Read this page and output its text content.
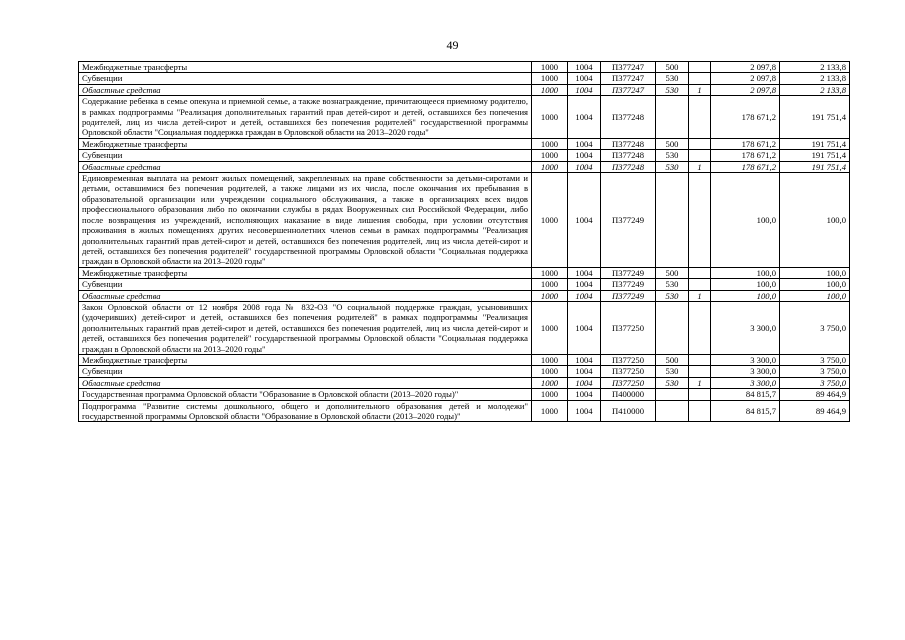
49
Межбюджетные трансферты	1000	1004	П377247	500		2 097,8	2 133,8
Субвенции	1000	1004	П377247	530		2 097,8	2 133,8
Областные средства	1000	1004	П377247	530	1	2 097,8	2 133,8
Содержание ребенка в семье опекуна и приемной семье, а также вознаграждение, причитающееся приемному родителю, в рамках подпрограммы "Реализация дополнительных гарантий прав детей-сирот и детей, оставшихся без попечения родителей, лиц из числа детей-сирот и детей, оставшихся без попечения родителей" государственной программы Орловской области "Социальная поддержка граждан в Орловской области на 2013–2020 годы"	1000	1004	П377248			178 671,2	191 751,4
Межбюджетные трансферты	1000	1004	П377248	500		178 671,2	191 751,4
Субвенции	1000	1004	П377248	530		178 671,2	191 751,4
Областные средства	1000	1004	П377248	530	1	178 671,2	191 751,4
Единовременная выплата на ремонт жилых помещений, закрепленных на праве собственности за детьми-сиротами и детьми, оставшимися без попечения родителей, а также лицами из их числа, после окончания их пребывания в образовательной организации или учреждении социального обслуживания, а также в организациях всех видов профессионального образования либо по окончании службы в рядах Вооруженных сил Российской Федерации, либо после возвращения из учреждений, исполняющих наказание в виде лишения свободы, при условии отсутствия проживания в жилых помещениях других несовершеннолетних членов семьи в рамках подпрограммы "Реализация дополнительных гарантий прав детей-сирот и детей, оставшихся без попечения родителей, лиц из числа детей-сирот и детей, оставшихся без попечения родителей" государственной программы Орловской области "Социальная поддержка граждан в Орловской области на 2013–2020 годы"	1000	1004	П377249			100,0	100,0
Межбюджетные трансферты	1000	1004	П377249	500		100,0	100,0
Субвенции	1000	1004	П377249	530		100,0	100,0
Областные средства	1000	1004	П377249	530	1	100,0	100,0
Закон Орловской области от 12 ноября 2008 года № 832-ОЗ "О социальной поддержке граждан, усыновивших (удочеривших) детей-сирот и детей, оставшихся без попечения родителей" в рамках подпрограммы "Реализация дополнительных гарантий прав детей-сирот и детей, оставшихся без попечения родителей, лиц из числа детей-сирот и детей, оставшихся без попечения родителей" государственной программы Орловской области "Социальная поддержка граждан в Орловской области на 2013–2020 годы"	1000	1004	П377250			3 300,0	3 750,0
Межбюджетные трансферты	1000	1004	П377250	500		3 300,0	3 750,0
Субвенции	1000	1004	П377250	530		3 300,0	3 750,0
Областные средства	1000	1004	П377250	530	1	3 300,0	3 750,0
Государственная программа Орловской области "Образование в Орловской области (2013–2020 годы)"	1000	1004	П400000			84 815,7	89 464,9
Подпрограмма "Развитие системы дошкольного, общего и дополнительного образования детей и молодежи" государственной программы Орловской области "Образование в Орловской области (2013–2020 годы)"	1000	1004	П410000			84 815,7	89 464,9
